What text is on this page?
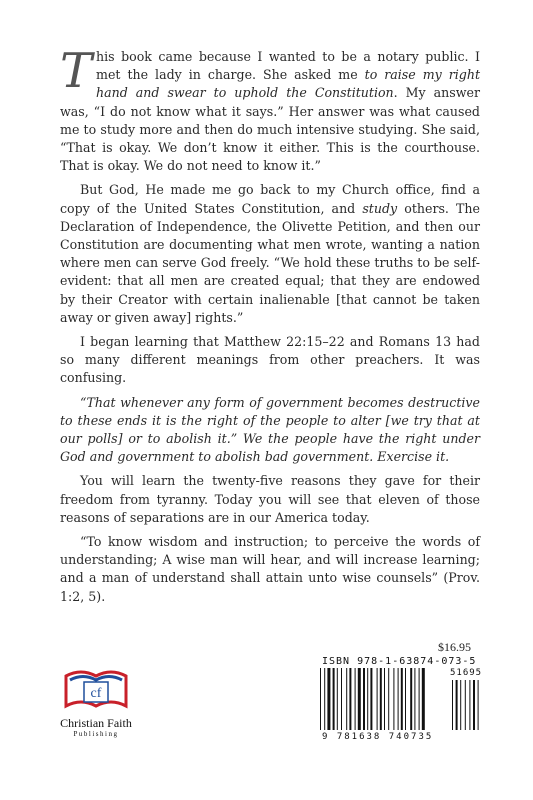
This book came because I wanted to be a notary public. I met the lady in charge. She asked me to raise my right hand and swear to uphold the Constitution. My answer was, “I do not know what it says.” Her answer was what caused me to study more and then do much intensive studying. She said, “That is okay. We don’t know it either. This is the courthouse. That is okay. We do not need to know it.”

But God, He made me go back to my Church office, find a copy of the United States Constitution, and study others. The Declaration of Independence, the Olivette Petition, and then our Constitution are documenting what men wrote, wanting a nation where men can serve God freely. “We hold these truths to be self-evident: that all men are created equal; that they are endowed by their Creator with certain inalienable [that cannot be taken away or given away] rights.”

I began learning that Matthew 22:15–22 and Romans 13 had so many different meanings from other preachers. It was confusing.

“That whenever any form of government becomes destructive to these ends it is the right of the people to alter [we try that at our polls] or to abolish it.” We the people have the right under God and government to abolish bad government. Exercise it.

You will learn the twenty-five reasons they gave for their freedom from tyranny. Today you will see that eleven of those reasons of separations are in our America today.

“To know wisdom and instruction; to perceive the words of understanding; A wise man will hear, and will increase learning; and a man of understand shall attain unto wise counsels” (Prov. 1:2, 5).

cf
Christian Faith
Publishing
$16.95
ISBN 978-1-63874-073-5
51695
9 781638 740735
